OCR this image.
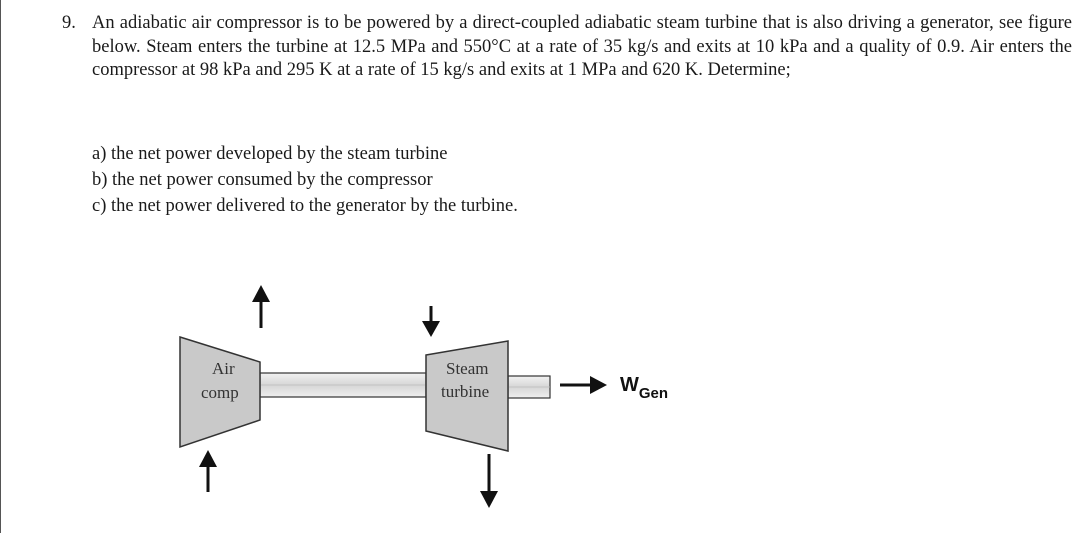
9. An adiabatic air compressor is to be powered by a direct-coupled adiabatic steam turbine that is also driving a generator, see figure below. Steam enters the turbine at 12.5 MPa and 550°C at a rate of 35 kg/s and exits at 10 kPa and a quality of 0.9. Air enters the compressor at 98 kPa and 295 K at a rate of 15 kg/s and exits at 1 MPa and 620 K. Determine;
a) the net power developed by the steam turbine
b) the net power consumed by the compressor
c) the net power delivered to the generator by the turbine.
Air
comp
Steam
turbine	$W_{Gen}$
